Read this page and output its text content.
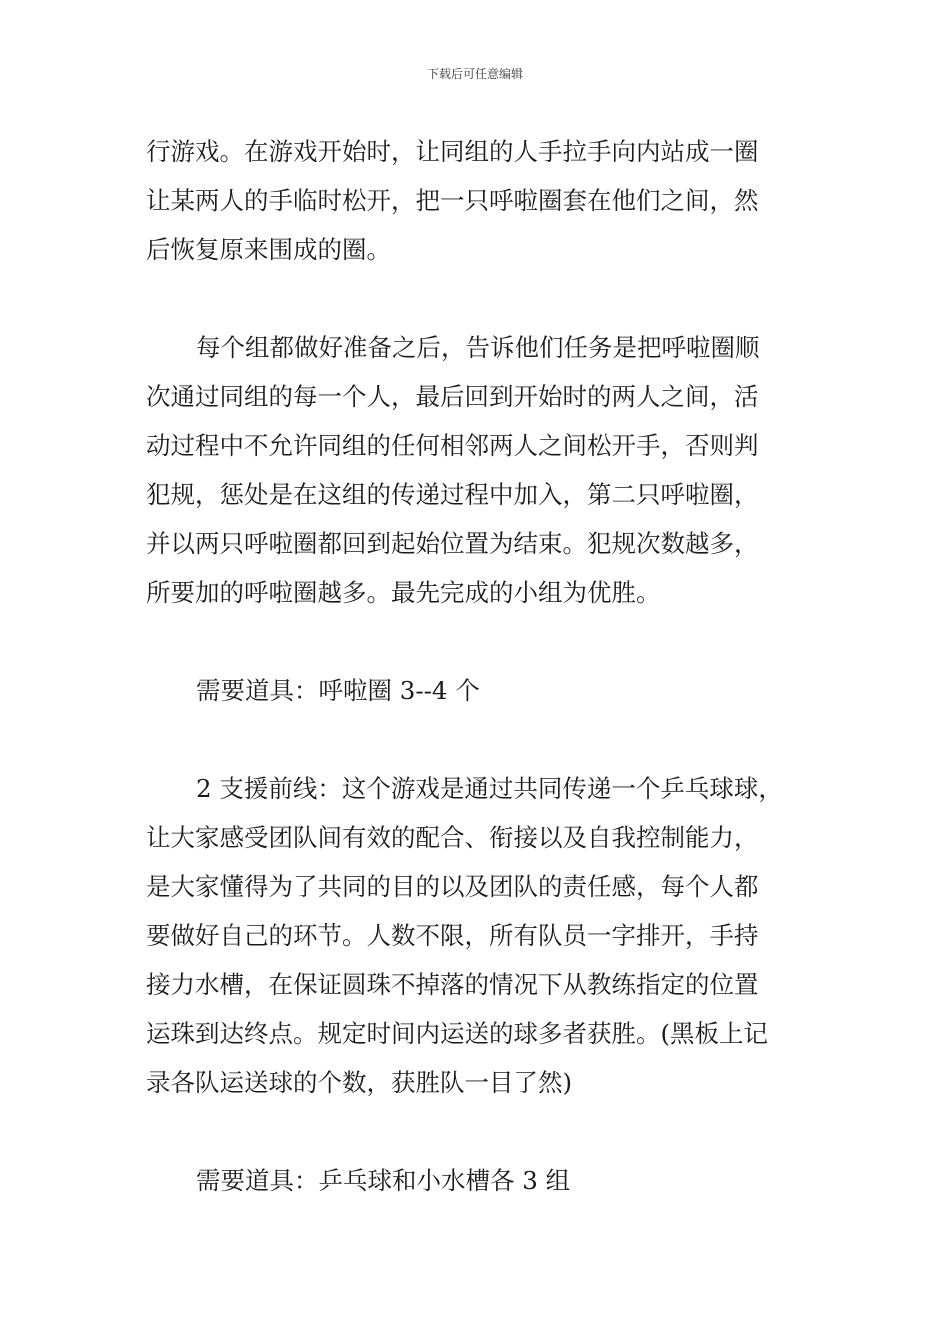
下载后可任意编辑
行游戏。在游戏开始时，让同组的人手拉手向内站成一圈
让某两人的手临时松开，把一只呼啦圈套在他们之间，然
后恢复原来围成的圈。
每个组都做好准备之后，告诉他们任务是把呼啦圈顺
次通过同组的每一个人，最后回到开始时的两人之间，活
动过程中不允许同组的任何相邻两人之间松开手，否则判
犯规，惩处是在这组的传递过程中加入，第二只呼啦圈，
并以两只呼啦圈都回到起始位置为结束。犯规次数越多，
所要加的呼啦圈越多。最先完成的小组为优胜。
需要道具：呼啦圈 3--4 个
2 支援前线：这个游戏是通过共同传递一个乒乓球球，
让大家感受团队间有效的配合、衔接以及自我控制能力，
是大家懂得为了共同的目的以及团队的责任感，每个人都
要做好自己的环节。人数不限，所有队员一字排开，手持
接力水槽，在保证圆珠不掉落的情况下从教练指定的位置
运珠到达终点。规定时间内运送的球多者获胜。(黑板上记
录各队运送球的个数，获胜队一目了然)
需要道具：乒乓球和小水槽各 3 组
